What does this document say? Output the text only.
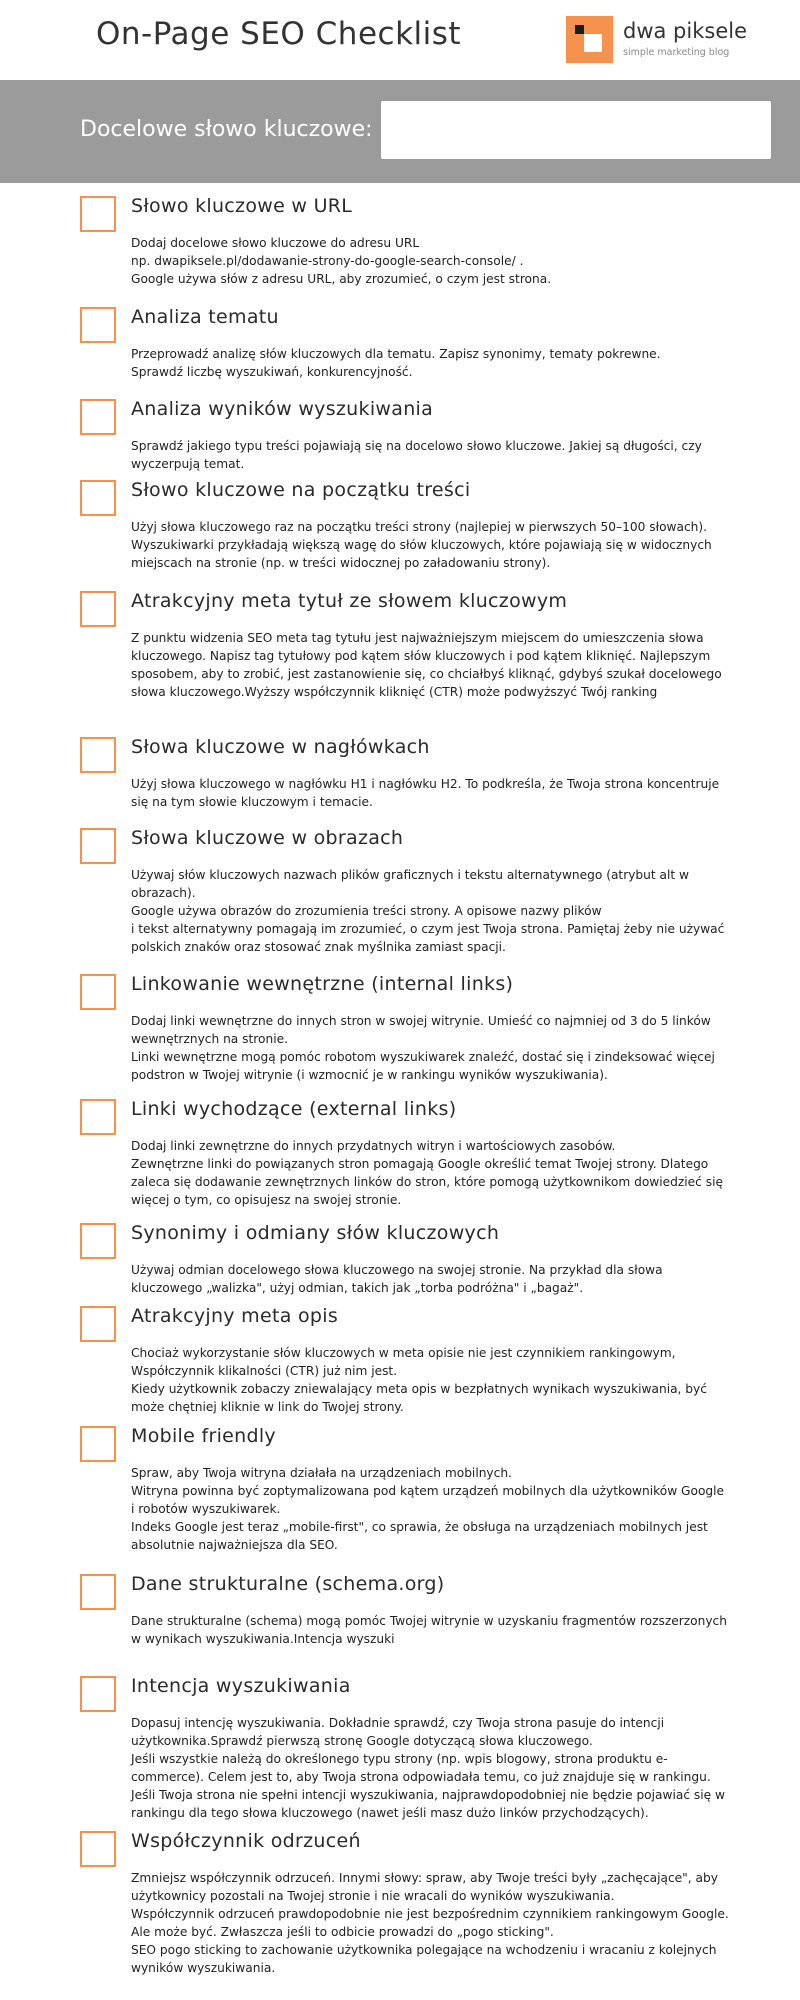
On-Page SEO Checklist	dwa piksele
simple marketing blog
Docelowe słowo kluczowe:
Słowo kluczowe w URL
Dodaj docelowe słowo kluczowe do adresu URL
np. dwapiksele.pl/dodawanie-strony-do-google-search-console/ .
Google używa słów z adresu URL, aby zrozumieć, o czym jest strona.
Analiza tematu
Przeprowadź analizę słów kluczowych dla tematu. Zapisz synonimy, tematy pokrewne.
Sprawdź liczbę wyszukiwań, konkurencyjność.
Analiza wyników wyszukiwania
Sprawdź jakiego typu treści pojawiają się na docelowo słowo kluczowe. Jakiej są długości, czy wyczerpują temat.
Słowo kluczowe na początku treści
Użyj słowa kluczowego raz na początku treści strony (najlepiej w pierwszych 50–100 słowach). Wyszukiwarki przykładają większą wagę do słów kluczowych, które pojawiają się w widocznych miejscach na stronie (np. w treści widocznej po załadowaniu strony).
Atrakcyjny meta tytuł ze słowem kluczowym
Z punktu widzenia SEO meta tag tytułu jest najważniejszym miejscem do umieszczenia słowa kluczowego. Napisz tag tytułowy pod kątem słów kluczowych i pod kątem kliknięć. Najlepszym sposobem, aby to zrobić, jest zastanowienie się, co chciałbyś kliknąć, gdybyś szukał docelowego słowa kluczowego.Wyższy współczynnik kliknięć (CTR) może podwyższyć Twój ranking
Słowa kluczowe w nagłówkach
Użyj słowa kluczowego w nagłówku H1 i nagłówku H2. To podkreśla, że Twoja strona koncentruje się na tym słowie kluczowym i temacie.
Słowa kluczowe w obrazach
Używaj słów kluczowych nazwach plików graficznych i tekstu alternatywnego (atrybut alt w obrazach).
Google używa obrazów do zrozumienia treści strony. A opisowe nazwy plików
i tekst alternatywny pomagają im zrozumieć, o czym jest Twoja strona. Pamiętaj żeby nie używać polskich znaków oraz stosować znak myślnika zamiast spacji.
Linkowanie wewnętrzne (internal links)
Dodaj linki wewnętrzne do innych stron w swojej witrynie. Umieść co najmniej od 3 do 5 linków wewnętrznych na stronie.
Linki wewnętrzne mogą pomóc robotom wyszukiwarek znaleźć, dostać się i zindeksować więcej podstron w Twojej witrynie (i wzmocnić je w rankingu wyników wyszukiwania).
Linki wychodzące (external links)
Dodaj linki zewnętrzne do innych przydatnych witryn i wartościowych zasobów.
Zewnętrzne linki do powiązanych stron pomagają Google określić temat Twojej strony. Dlatego zaleca się dodawanie zewnętrznych linków do stron, które pomogą użytkownikom dowiedzieć się więcej o tym, co opisujesz na swojej stronie.
Synonimy i odmiany słów kluczowych
Używaj odmian docelowego słowa kluczowego na swojej stronie. Na przykład dla słowa kluczowego „walizka", użyj odmian, takich jak „torba podróżna" i „bagaż".
Atrakcyjny meta opis
Chociaż wykorzystanie słów kluczowych w meta opisie nie jest czynnikiem rankingowym, Współczynnik klikalności (CTR) już nim jest.
Kiedy użytkownik zobaczy zniewalający meta opis w bezpłatnych wynikach wyszukiwania, być może chętniej kliknie w link do Twojej strony.
Mobile friendly
Spraw, aby Twoja witryna działała na urządzeniach mobilnych.
Witryna powinna być zoptymalizowana pod kątem urządzeń mobilnych dla użytkowników Google i robotów wyszukiwarek.
Indeks Google jest teraz „mobile-first", co sprawia, że obsługa na urządzeniach mobilnych jest absolutnie najważniejsza dla SEO.
Dane strukturalne (schema.org)
Dane strukturalne (schema) mogą pomóc Twojej witrynie w uzyskaniu fragmentów rozszerzonych w wynikach wyszukiwania.Intencja wyszuki
Intencja wyszukiwania
Dopasuj intencję wyszukiwania. Dokładnie sprawdź, czy Twoja strona pasuje do intencji użytkownika.Sprawdź pierwszą stronę Google dotyczącą słowa kluczowego.
Jeśli wszystkie należą do określonego typu strony (np. wpis blogowy, strona produktu e-commerce). Celem jest to, aby Twoja strona odpowiadała temu, co już znajduje się w rankingu.
Jeśli Twoja strona nie spełni intencji wyszukiwania, najprawdopodobniej nie będzie pojawiać się w rankingu dla tego słowa kluczowego (nawet jeśli masz dużo linków przychodzących).
Współczynnik odrzuceń
Zmniejsz współczynnik odrzuceń. Innymi słowy: spraw, aby Twoje treści były „zachęcające", aby użytkownicy pozostali na Twojej stronie i nie wracali do wyników wyszukiwania.
Współczynnik odrzuceń prawdopodobnie nie jest bezpośrednim czynnikiem rankingowym Google. Ale może być. Zwłaszcza jeśli to odbicie prowadzi do „pogo sticking".
SEO pogo sticking to zachowanie użytkownika polegające na wchodzeniu i wracaniu z kolejnych wyników wyszukiwania.
